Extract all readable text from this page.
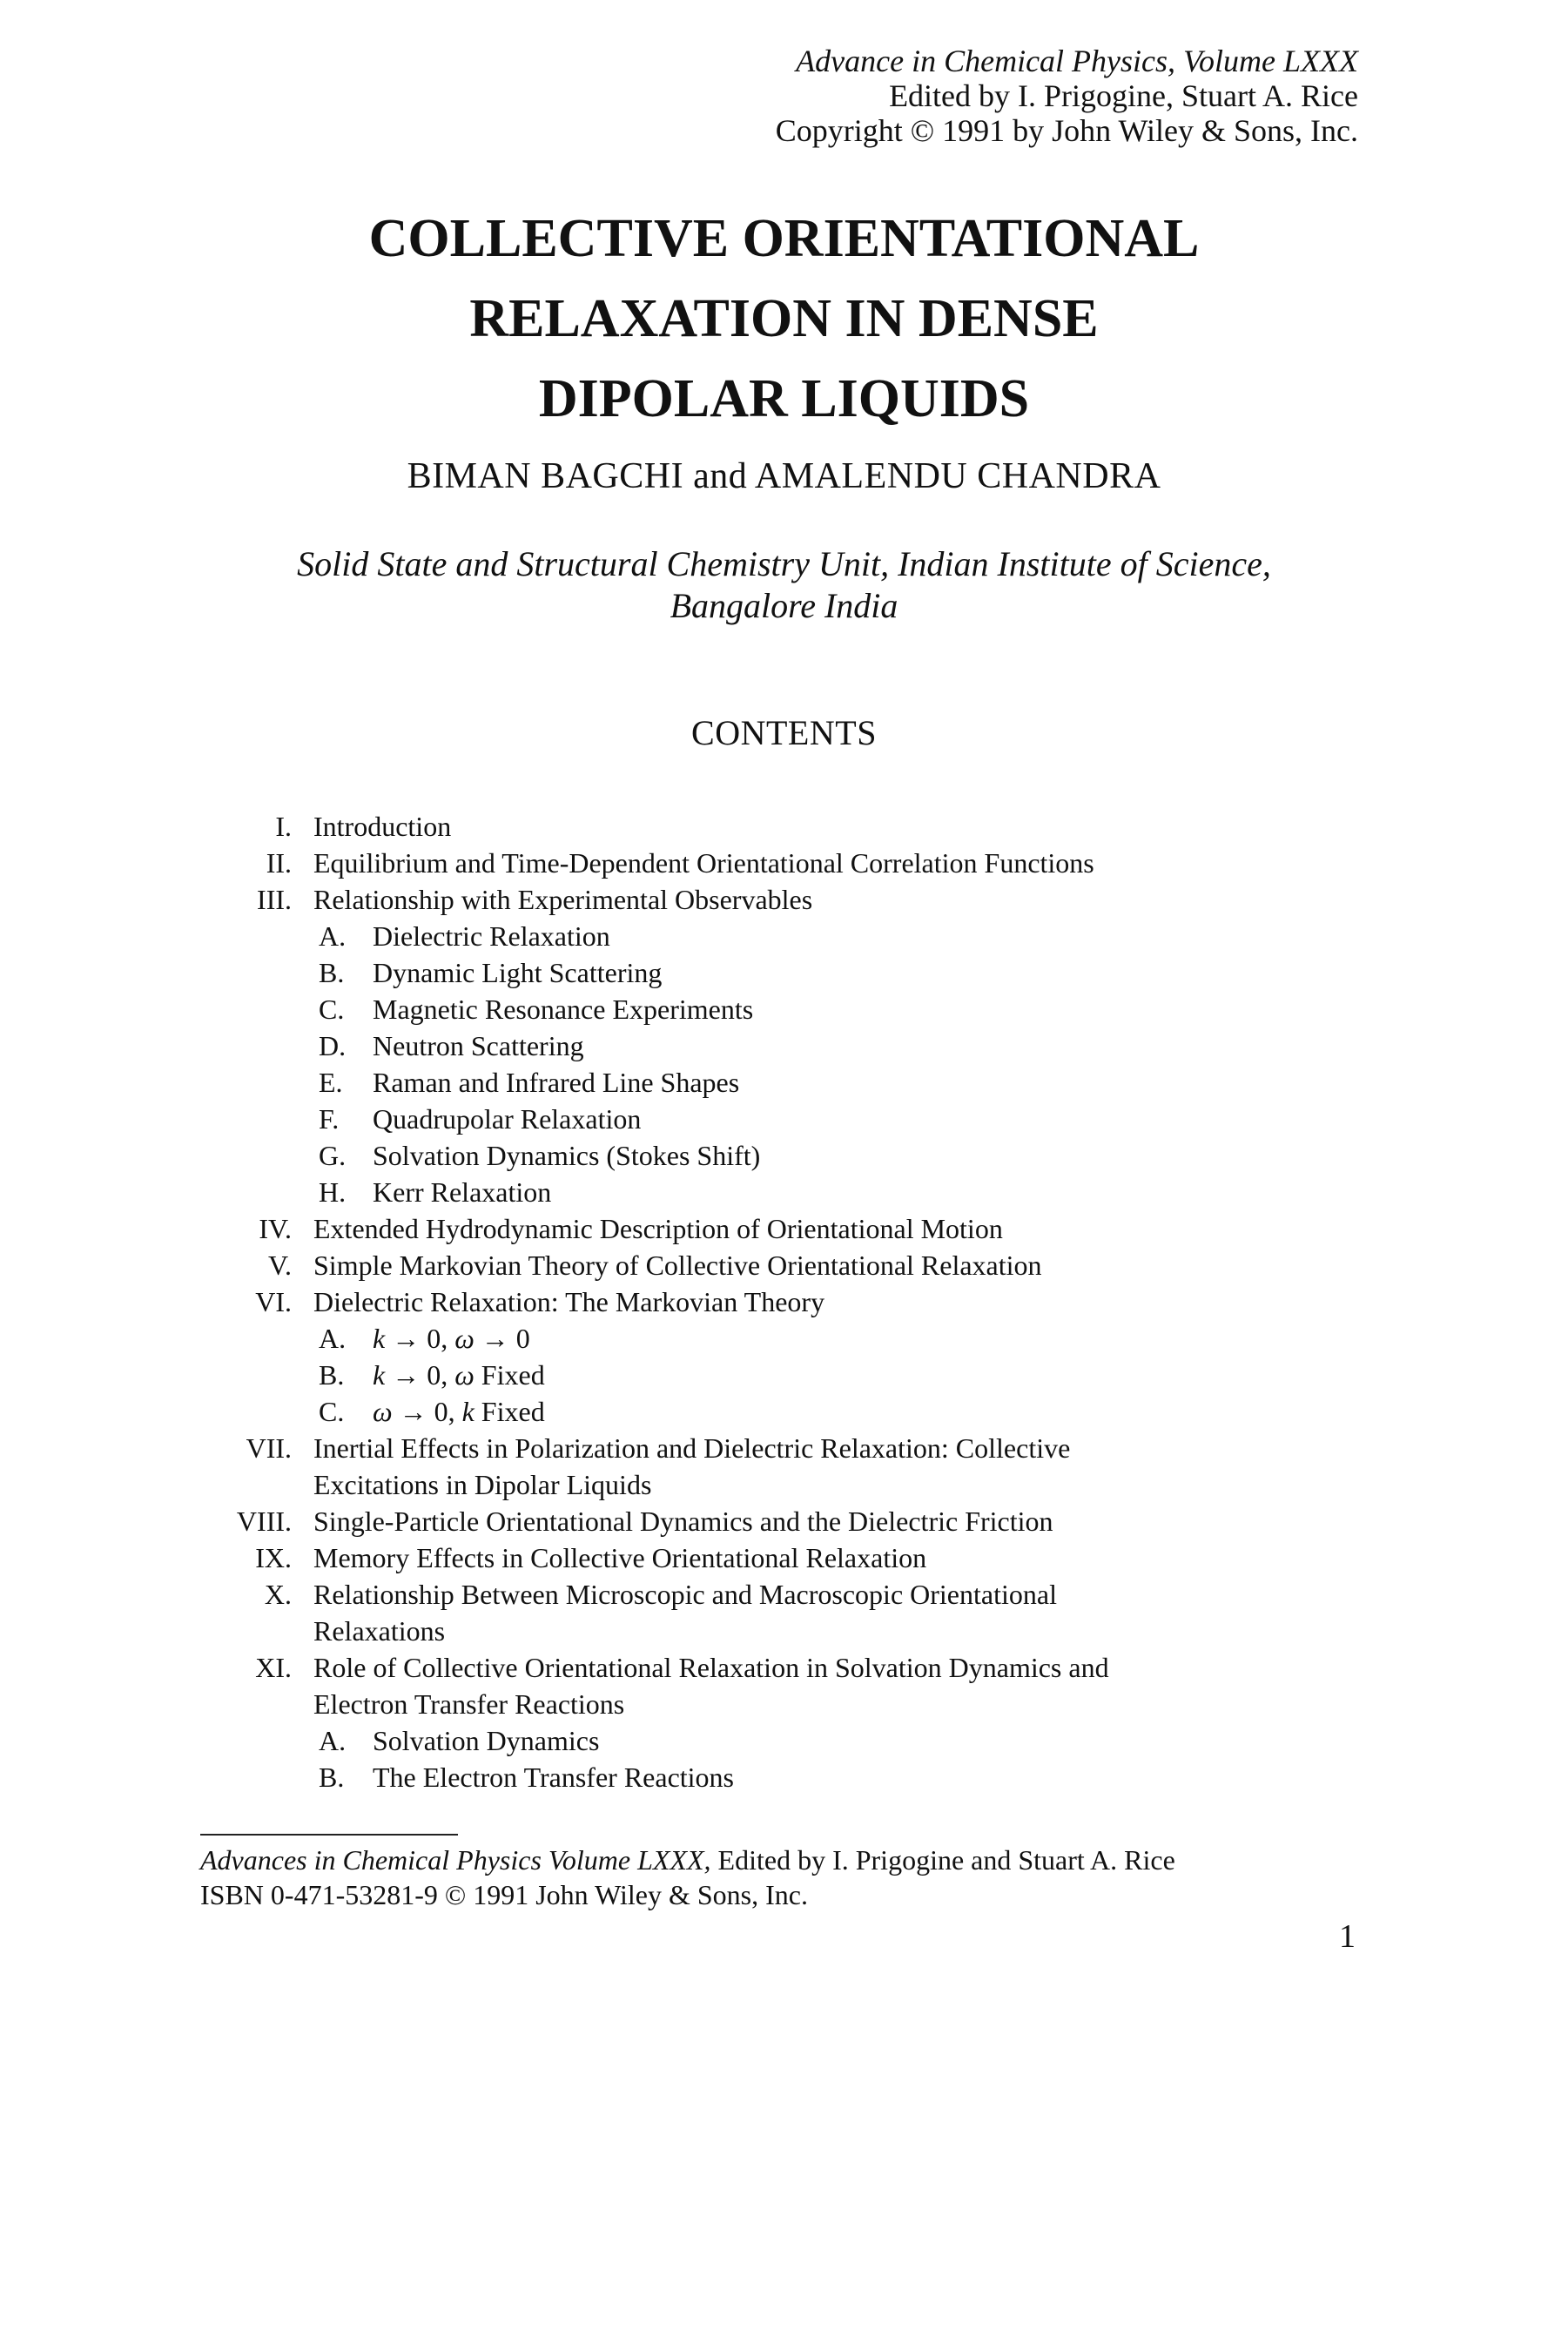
Advance in Chemical Physics, Volume LXXX
Edited by I. Prigogine, Stuart A. Rice
Copyright © 1991 by John Wiley & Sons, Inc.
COLLECTIVE ORIENTATIONAL
RELAXATION IN DENSE
DIPOLAR LIQUIDS
BIMAN BAGCHI and AMALENDU CHANDRA
Solid State and Structural Chemistry Unit, Indian Institute of Science,
Bangalore India
CONTENTS
I. Introduction
II. Equilibrium and Time-Dependent Orientational Correlation Functions
III. Relationship with Experimental Observables
A. Dielectric Relaxation
B. Dynamic Light Scattering
C. Magnetic Resonance Experiments
D. Neutron Scattering
E. Raman and Infrared Line Shapes
F. Quadrupolar Relaxation
G. Solvation Dynamics (Stokes Shift)
H. Kerr Relaxation
IV. Extended Hydrodynamic Description of Orientational Motion
V. Simple Markovian Theory of Collective Orientational Relaxation
VI. Dielectric Relaxation: The Markovian Theory
A. k → 0, ω → 0
B. k → 0, ω Fixed
C. ω → 0, k Fixed
VII. Inertial Effects in Polarization and Dielectric Relaxation: Collective
Excitations in Dipolar Liquids
VIII. Single-Particle Orientational Dynamics and the Dielectric Friction
IX. Memory Effects in Collective Orientational Relaxation
X. Relationship Between Microscopic and Macroscopic Orientational
Relaxations
XI. Role of Collective Orientational Relaxation in Solvation Dynamics and
Electron Transfer Reactions
A. Solvation Dynamics
B. The Electron Transfer Reactions
Advances in Chemical Physics Volume LXXX, Edited by I. Prigogine and Stuart A. Rice
ISBN 0-471-53281-9 © 1991 John Wiley & Sons, Inc.
1
